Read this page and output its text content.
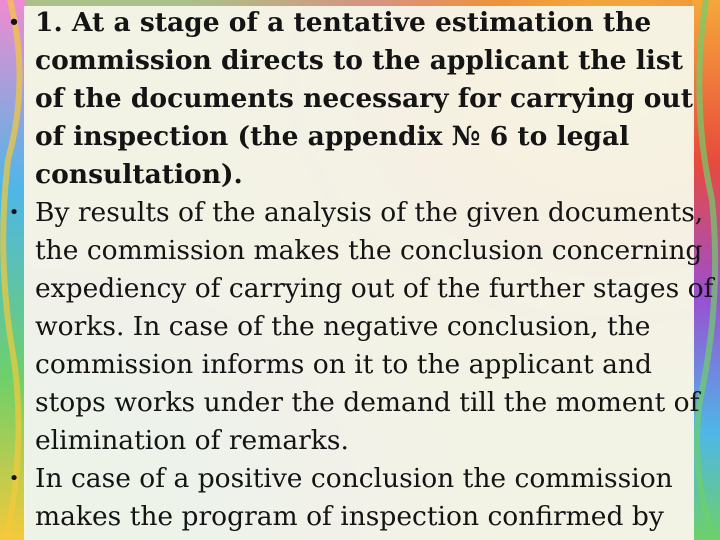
• 1. At a stage of a tentative estimation the commission directs to the applicant the list of the documents necessary for carrying out of inspection (the appendix № 6 to legal consultation).
• By results of the analysis of the given documents, the commission makes the conclusion concerning expediency of carrying out of the further stages of works. In case of the negative conclusion, the commission informs on it to the applicant and stops works under the demand till the moment of elimination of remarks.
• In case of a positive conclusion the commission makes the program of inspection confirmed by
